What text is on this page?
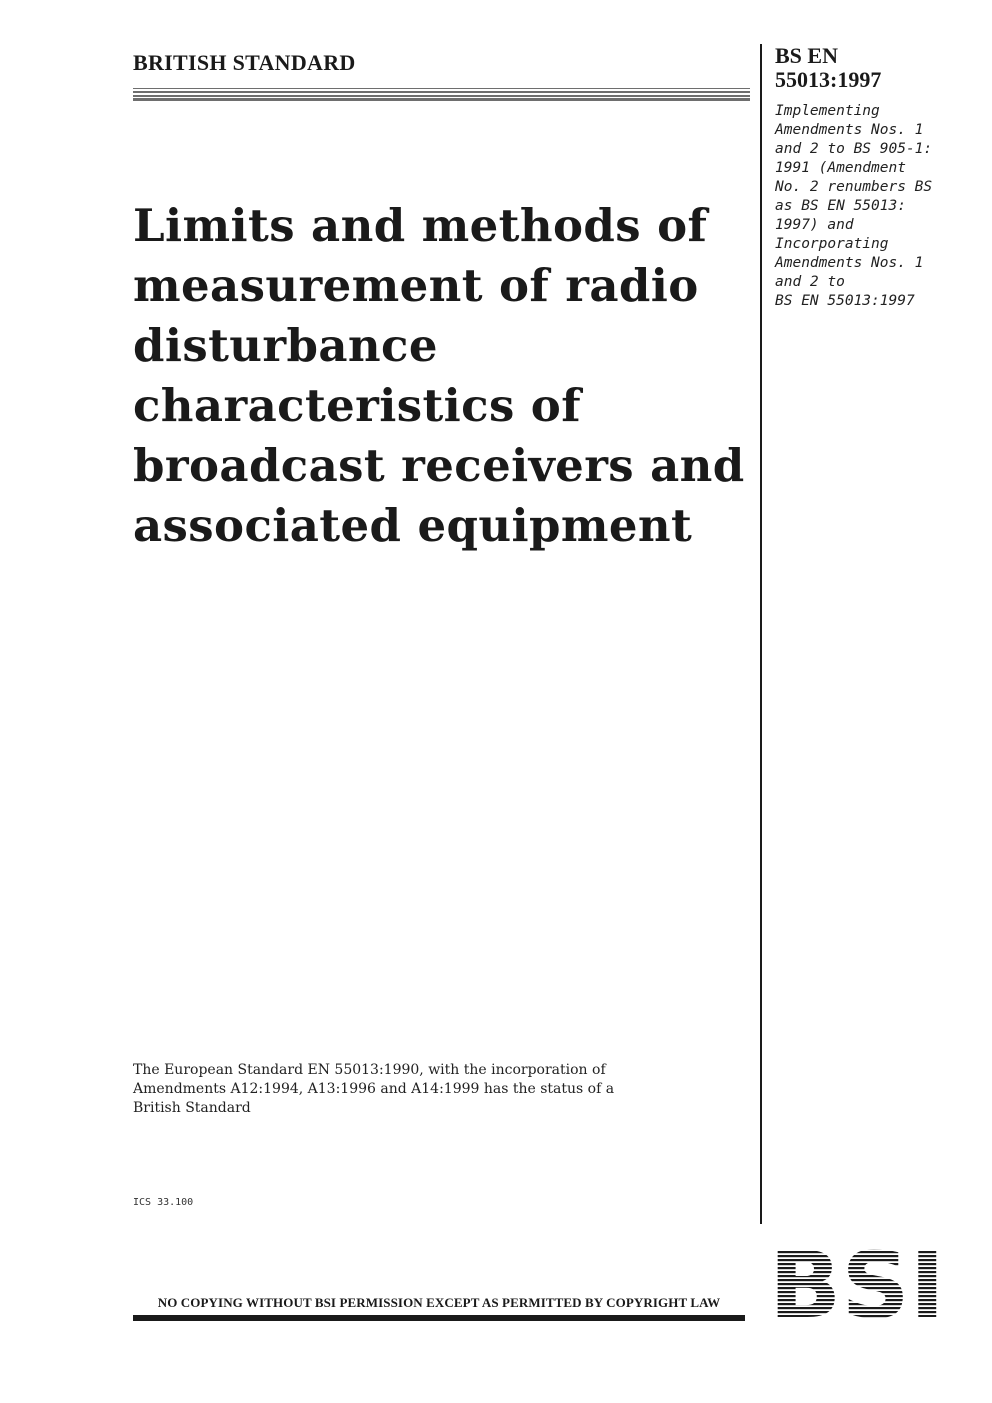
BRITISH STANDARD	BS EN
55013:1997
Implementing
Amendments Nos. 1
and 2 to BS 905-1:
1991 (Amendment
No. 2 renumbers BS
as BS EN 55013:
1997) and
Incorporating
Amendments Nos. 1
and 2 to
BS EN 55013:1997
Limits and methods of
measurement of radio
disturbance
characteristics of
broadcast receivers and
associated equipment
The European Standard EN 55013:1990, with the incorporation of
Amendments A12:1994, A13:1996 and A14:1999 has the status of a
British Standard
ICS 33.100
NO COPYING WITHOUT BSI PERMISSION EXCEPT AS PERMITTED BY COPYRIGHT LAW
